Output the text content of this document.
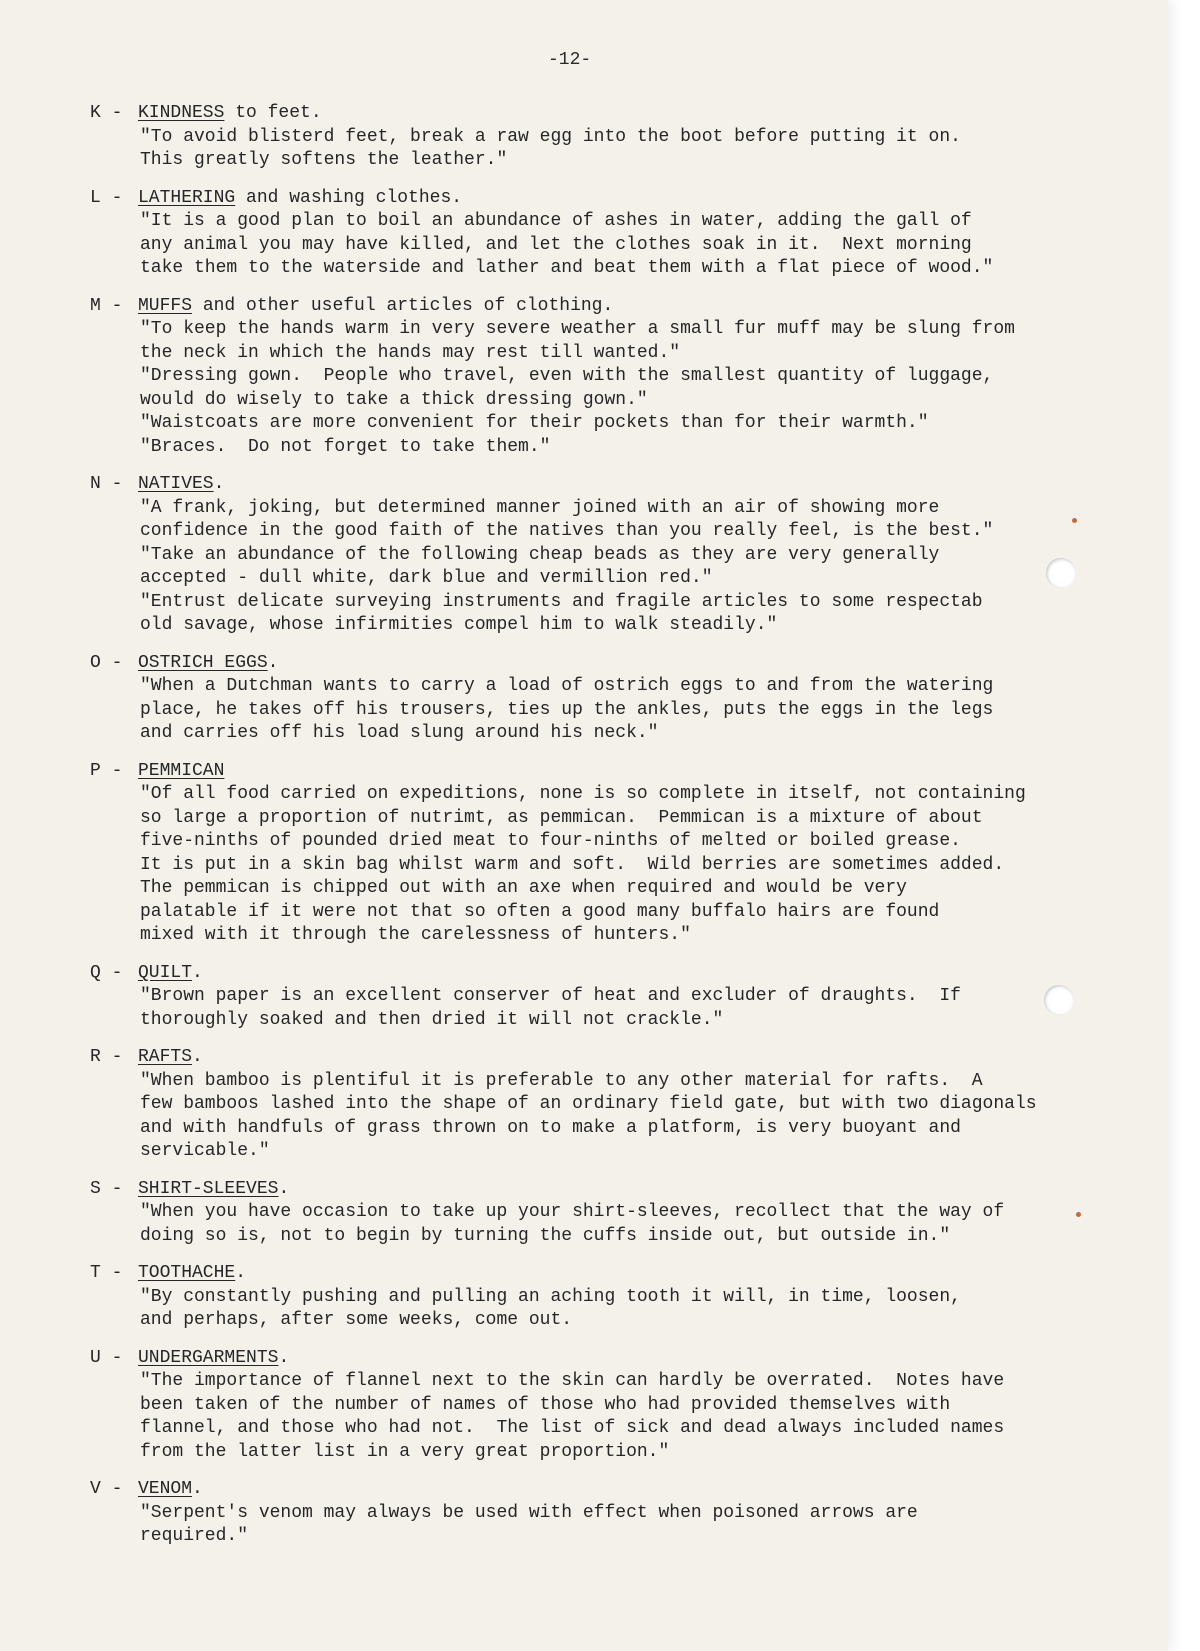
-12-
K - KINDNESS to feet.
"To avoid blisterd feet, break a raw egg into the boot before putting it on.
This greatly softens the leather."
L - LATHERING and washing clothes.
"It is a good plan to boil an abundance of ashes in water, adding the gall of
any animal you may have killed, and let the clothes soak in it.  Next morning
take them to the waterside and lather and beat them with a flat piece of wood."
M - MUFFS and other useful articles of clothing.
"To keep the hands warm in very severe weather a small fur muff may be slung from
the neck in which the hands may rest till wanted."
"Dressing gown.  People who travel, even with the smallest quantity of luggage,
would do wisely to take a thick dressing gown."
"Waistcoats are more convenient for their pockets than for their warmth."
"Braces.  Do not forget to take them."
N - NATIVES.
"A frank, joking, but determined manner joined with an air of showing more
confidence in the good faith of the natives than you really feel, is the best."
"Take an abundance of the following cheap beads as they are very generally
accepted - dull white, dark blue and vermillion red."
"Entrust delicate surveying instruments and fragile articles to some respectab
old savage, whose infirmities compel him to walk steadily."
O - OSTRICH EGGS.
"When a Dutchman wants to carry a load of ostrich eggs to and from the watering
place, he takes off his trousers, ties up the ankles, puts the eggs in the legs
and carries off his load slung around his neck."
P - PEMMICAN
"Of all food carried on expeditions, none is so complete in itself, not containing
so large a proportion of nutrimt, as pemmican.  Pemmican is a mixture of about
five-ninths of pounded dried meat to four-ninths of melted or boiled grease.
It is put in a skin bag whilst warm and soft.  Wild berries are sometimes added.
The pemmican is chipped out with an axe when required and would be very
palatable if it were not that so often a good many buffalo hairs are found
mixed with it through the carelessness of hunters."
Q - QUILT.
"Brown paper is an excellent conserver of heat and excluder of draughts.  If
thoroughly soaked and then dried it will not crackle."
R - RAFTS.
"When bamboo is plentiful it is preferable to any other material for rafts.  A
few bamboos lashed into the shape of an ordinary field gate, but with two diagonals
and with handfuls of grass thrown on to make a platform, is very buoyant and
servicable."
S - SHIRT-SLEEVES.
"When you have occasion to take up your shirt-sleeves, recollect that the way of
doing so is, not to begin by turning the cuffs inside out, but outside in."
T - TOOTHACHE.
"By constantly pushing and pulling an aching tooth it will, in time, loosen,
and perhaps, after some weeks, come out.
U - UNDERGARMENTS.
"The importance of flannel next to the skin can hardly be overrated.  Notes have
been taken of the number of names of those who had provided themselves with
flannel, and those who had not.  The list of sick and dead always included names
from the latter list in a very great proportion."
V - VENOM.
"Serpent's venom may always be used with effect when poisoned arrows are
required."
